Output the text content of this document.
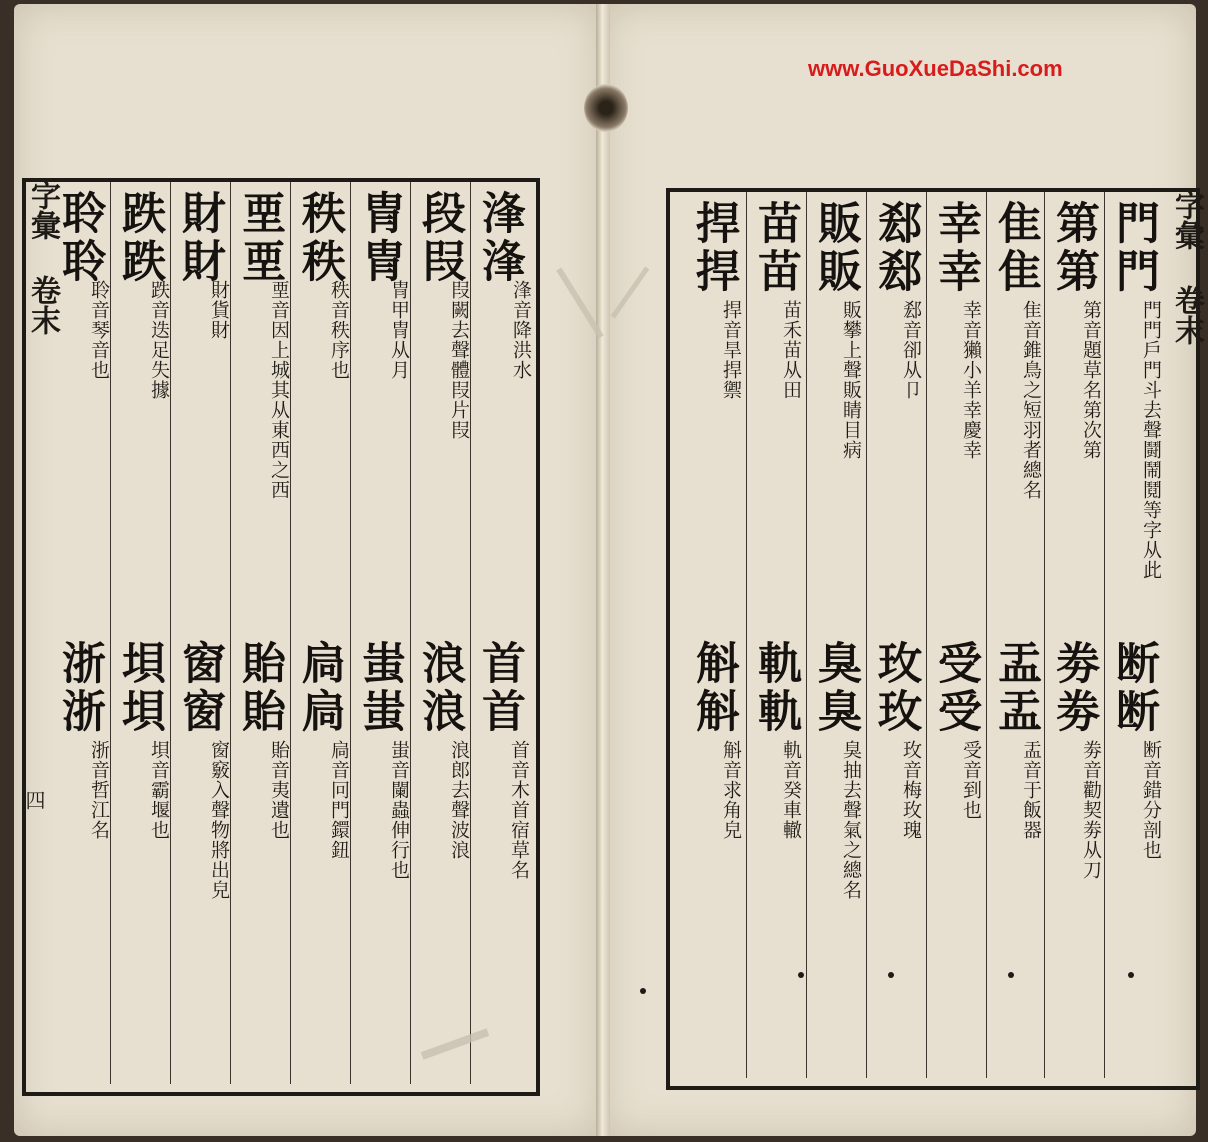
www.GuoXueDaShi.com
字彙 卷末
四
字彙 卷末
浲浲
浲音降洪水
段叚
叚闕去聲體叚片叚
冑冑
冑甲冑从月
秩秩
秩音秩序也
垔垔
垔音因上城其从東西之西
財財
財貨財
跌跌
跌音迭足失據
聆聆
聆音琴音也
首首
首音木首宿草名
浪浪
浪郎去聲波浪
蚩蚩
蚩音闌蟲伸行也
扃扃
扃音冋門鐶鈕
貽貽
貽音夷遺也
窗窗
窗竅入聲物將出皃
垻垻
垻音霸堰也
浙浙
浙音哲江名
門門
門門戶門斗去聲鬪鬧鬩等字从此
第第
第音題草名第次第
隹隹
隹音錐鳥之短羽者總名
幸幸
幸音獺小羊幸慶幸
郄郄
郄音卻从卩
販販
販攀上聲販睛目病
苗苗
苗禾苗从田
捍捍
捍音旱捍禦
断断
断音錯分剖也
劵劵
劵音勸契劵从刀
盂盂
盂音于飯器
受受
受音到也
玫玫
玫音梅玫瑰
臭臭
臭抽去聲氣之總名
軌軌
軌音癸車轍
斛斛
斛音求角皃
